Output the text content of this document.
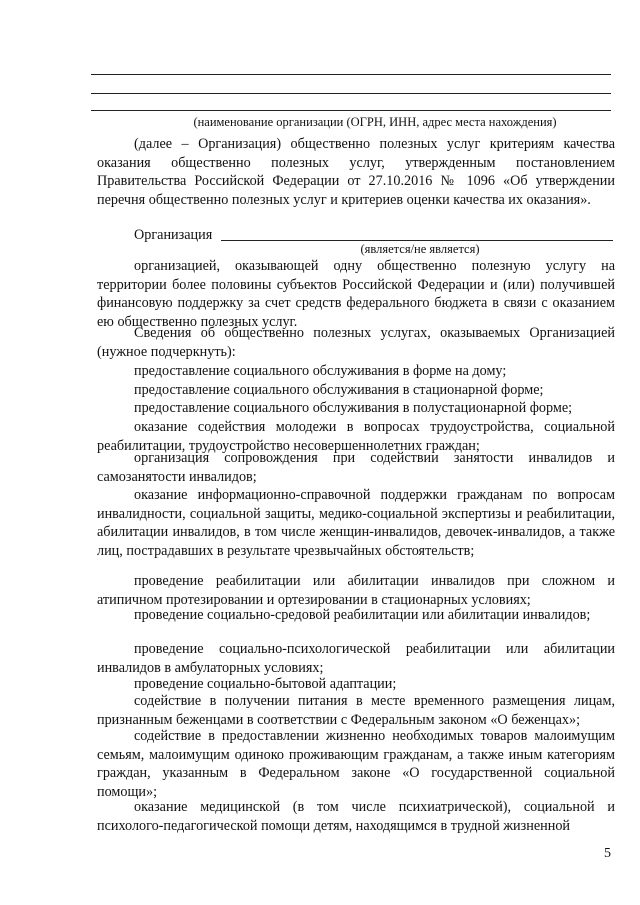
(наименование организации (ОГРН, ИНН, адрес места нахождения)

(далее – Организация) общественно полезных услуг критериям качества оказания общественно полезных услуг, утвержденным постановлением Правительства Российской Федерации от 27.10.2016 № 1096 «Об утверждении перечня общественно полезных услуг и критериев оценки качества их оказания».

Организация
(является/не является)

организацией, оказывающей одну общественно полезную услугу на территории более половины субъектов Российской Федерации и (или) получившей финансовую поддержку за счет средств федерального бюджета в связи с оказанием ею общественно полезных услуг.

Сведения об общественно полезных услугах, оказываемых Организацией (нужное подчеркнуть):

предоставление социального обслуживания в форме на дому;

предоставление социального обслуживания в стационарной форме;

предоставление социального обслуживания в полустационарной форме;

оказание содействия молодежи в вопросах трудоустройства, социальной реабилитации, трудоустройство несовершеннолетних граждан;

организация сопровождения при содействии занятости инвалидов и самозанятости инвалидов;

оказание информационно-справочной поддержки гражданам по вопросам инвалидности, социальной защиты, медико-социальной экспертизы и реабилитации, абилитации инвалидов, в том числе женщин-инвалидов, девочек-инвалидов, а также лиц, пострадавших в результате чрезвычайных обстоятельств;

проведение реабилитации или абилитации инвалидов при сложном и атипичном протезировании и ортезировании в стационарных условиях;

проведение социально-средовой реабилитации или абилитации инвалидов;

проведение социально-психологической реабилитации или абилитации инвалидов в амбулаторных условиях;

проведение социально-бытовой адаптации;

содействие в получении питания в месте временного размещения лицам, признанным беженцами в соответствии с Федеральным законом «О беженцах»;

содействие в предоставлении жизненно необходимых товаров малоимущим семьям, малоимущим одиноко проживающим гражданам, а также иным категориям граждан, указанным в Федеральном законе «О государственной социальной помощи»;

оказание медицинской (в том числе психиатрической), социальной и психолого-педагогической помощи детям, находящимся в трудной жизненной

5
